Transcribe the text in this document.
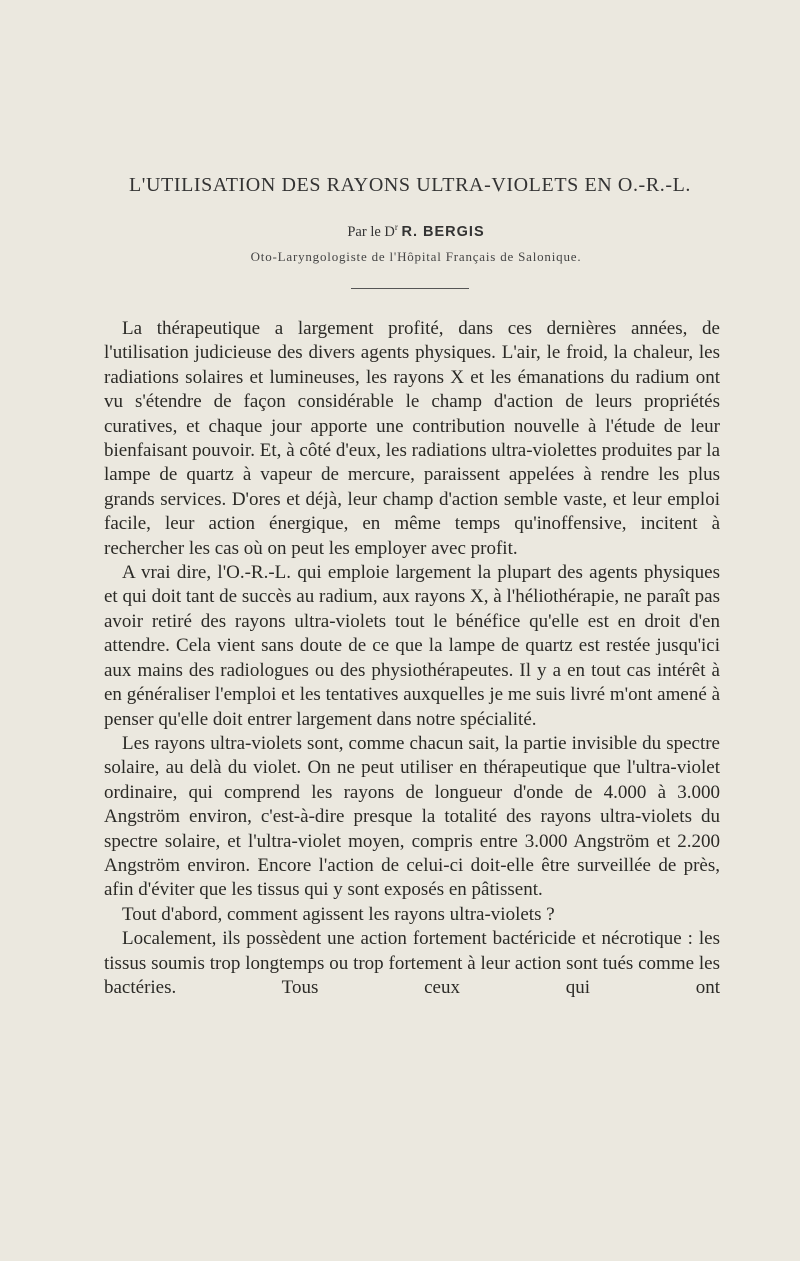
L'UTILISATION DES RAYONS ULTRA-VIOLETS EN O.-R.-L.
Par le $D^r$ R. BERGIS
Oto-Laryngologiste de l'Hôpital Français de Salonique.

La thérapeutique a largement profité, dans ces dernières années, de l'utilisation judicieuse des divers agents physiques. L'air, le froid, la chaleur, les radiations solaires et lumineuses, les rayons X et les émanations du radium ont vu s'étendre de façon considérable le champ d'action de leurs propriétés curatives, et chaque jour apporte une contribution nouvelle à l'étude de leur bienfaisant pouvoir. Et, à côté d'eux, les radiations ultra-violettes produites par la lampe de quartz à vapeur de mercure, paraissent appelées à rendre les plus grands services. D'ores et déjà, leur champ d'action semble vaste, et leur emploi facile, leur action énergique, en même temps qu'inoffensive, incitent à rechercher les cas où on peut les employer avec profit.

A vrai dire, l'O.-R.-L. qui emploie largement la plupart des agents physiques et qui doit tant de succès au radium, aux rayons X, à l'héliothérapie, ne paraît pas avoir retiré des rayons ultra-violets tout le bénéfice qu'elle est en droit d'en attendre. Cela vient sans doute de ce que la lampe de quartz est restée jusqu'ici aux mains des radiologues ou des physiothérapeutes. Il y a en tout cas intérêt à en généraliser l'emploi et les tentatives auxquelles je me suis livré m'ont amené à penser qu'elle doit entrer largement dans notre spécialité.

Les rayons ultra-violets sont, comme chacun sait, la partie invisible du spectre solaire, au delà du violet. On ne peut utiliser en thérapeutique que l'ultra-violet ordinaire, qui comprend les rayons de longueur d'onde de 4.000 à 3.000 Angström environ, c'est-à-dire presque la totalité des rayons ultra-violets du spectre solaire, et l'ultra-violet moyen, compris entre 3.000 Angström et 2.200 Angström environ. Encore l'action de celui-ci doit-elle être surveillée de près, afin d'éviter que les tissus qui y sont exposés en pâtissent.

Tout d'abord, comment agissent les rayons ultra-violets ?

Localement, ils possèdent une action fortement bactéricide et nécrotique : les tissus soumis trop longtemps ou trop fortement à leur action sont tués comme les bactéries. Tous ceux qui ont
